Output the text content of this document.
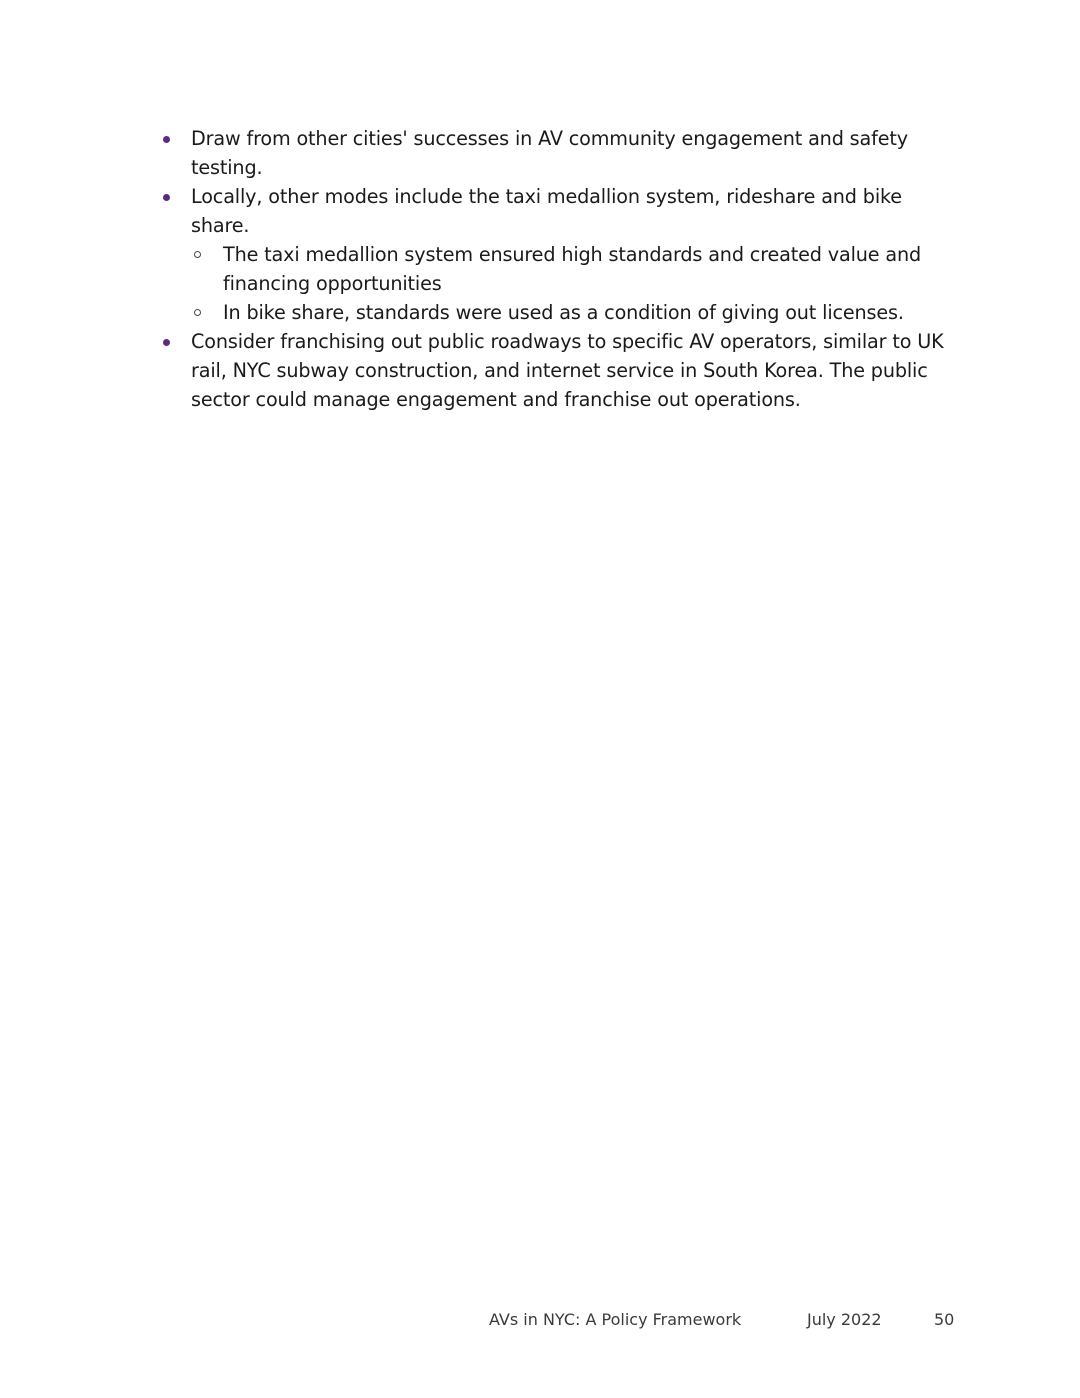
Draw from other cities' successes in AV community engagement and safety testing.
Locally, other modes include the taxi medallion system, rideshare and bike share.
The taxi medallion system ensured high standards and created value and financing opportunities
In bike share, standards were used as a condition of giving out licenses.
Consider franchising out public roadways to specific AV operators, similar to UK rail, NYC subway construction, and internet service in South Korea. The public sector could manage engagement and franchise out operations.
AVs in NYC: A Policy Framework	July 2022	50
